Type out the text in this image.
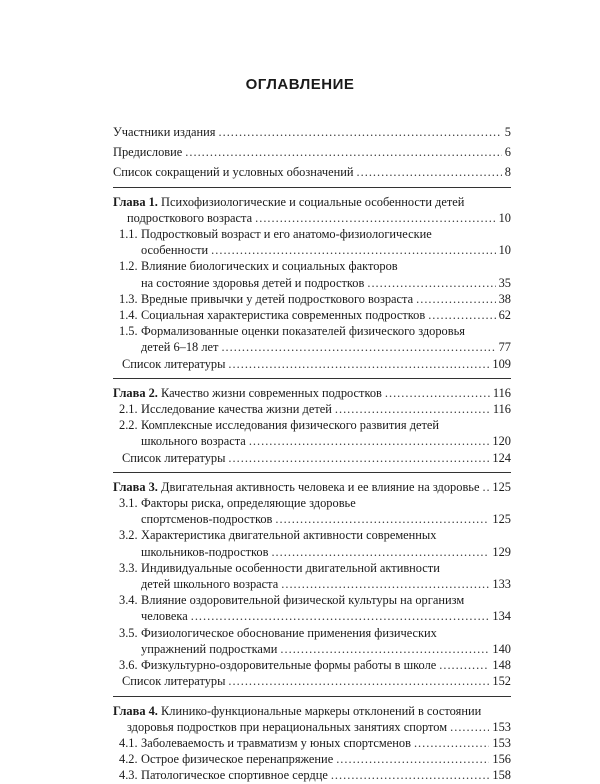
ОГЛАВЛЕНИЕ
Участники издания .....	5
Предисловие .....	6
Список сокращений и условных обозначений .....	8
Глава 1. Психофизиологические и социальные особенности детей
подросткового возраста .....	10
1.1. Подростковый возраст и его анатомо-физиологические
особенности .....	10
1.2. Влияние биологических и социальных факторов
на состояние здоровья детей и подростков .....	35
1.3. Вредные привычки у детей подросткового возраста .....	38
1.4. Социальная характеристика современных подростков .....	62
1.5. Формализованные оценки показателей физического здоровья
детей 6–18 лет .....	77
Список литературы .....	109
Глава 2. Качество жизни современных подростков .....	116
2.1. Исследование качества жизни детей .....	116
2.2. Комплексные исследования физического развития детей
школьного возраста .....	120
Список литературы .....	124
Глава 3. Двигательная активность человека и ее влияние на здоровье ..... 125
3.1. Факторы риска, определяющие здоровье
спортсменов-подростков .....	125
3.2. Характеристика двигательной активности современных
школьников-подростков .....	129
3.3. Индивидуальные особенности двигательной активности
детей школьного возраста .....	133
3.4. Влияние оздоровительной физической культуры на организм
человека .....	134
3.5. Физиологическое обоснование применения физических
упражнений подростками .....	140
3.6. Физкультурно-оздоровительные формы работы в школе .....	148
Список литературы .....	152
Глава 4. Клинико-функциональные маркеры отклонений в состоянии
здоровья подростков при нерациональных занятиях спортом .....	153
4.1. Заболеваемость и травматизм у юных спортсменов .....	153
4.2. Острое физическое перенапряжение .....	156
4.3. Патологическое спортивное сердце .....	158
